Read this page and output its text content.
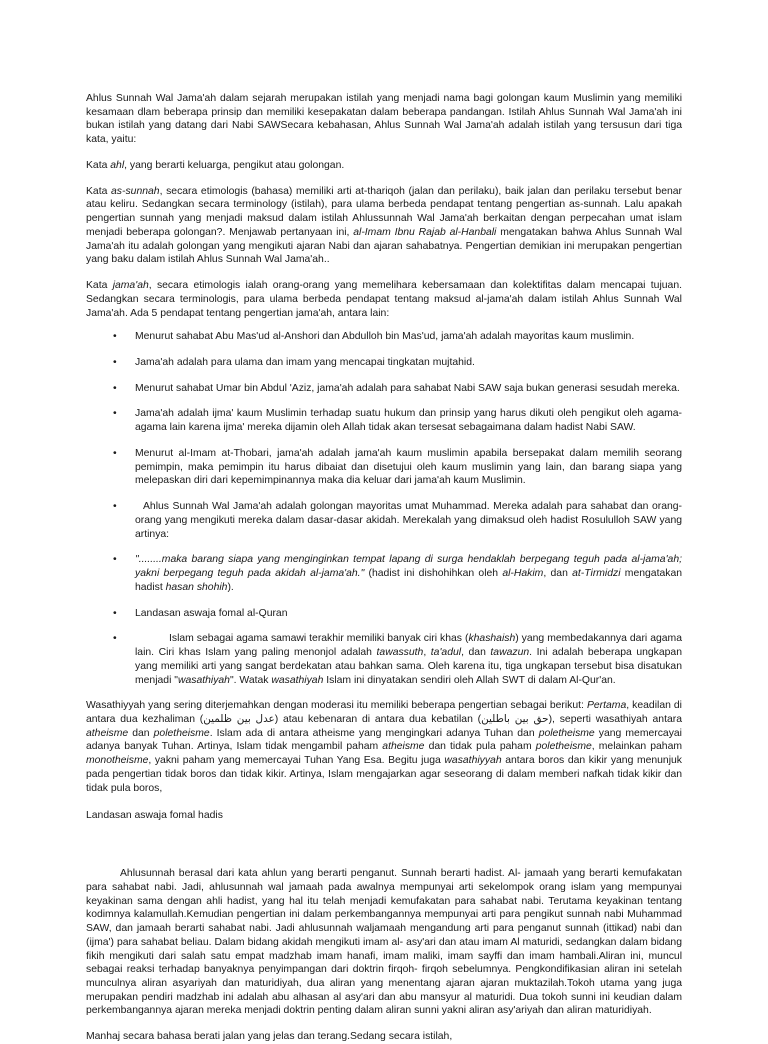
Ahlus Sunnah Wal Jama'ah dalam sejarah merupakan istilah yang menjadi nama bagi golongan kaum Muslimin yang memiliki kesamaan dlam beberapa prinsip dan memiliki kesepakatan dalam beberapa pandangan. Istilah Ahlus Sunnah Wal Jama'ah ini bukan istilah yang datang dari Nabi SAWSecara kebahasan, Ahlus Sunnah Wal Jama'ah adalah istilah yang tersusun dari tiga kata, yaitu:

Kata ahl, yang berarti keluarga, pengikut atau golongan.

Kata as-sunnah, secara etimologis (bahasa) memiliki arti at-thariqoh (jalan dan perilaku), baik jalan dan perilaku tersebut benar atau keliru. Sedangkan secara terminology (istilah), para ulama berbeda pendapat tentang pengertian as-sunnah. Lalu apakah pengertian sunnah yang menjadi maksud dalam istilah Ahlussunnah Wal Jama'ah berkaitan dengan perpecahan umat islam menjadi beberapa golongan?. Menjawab pertanyaan ini, al-Imam Ibnu Rajab al-Hanbali mengatakan bahwa Ahlus Sunnah Wal Jama'ah itu adalah golongan yang mengikuti ajaran Nabi dan ajaran sahabatnya. Pengertian demikian ini merupakan pengertian yang baku dalam istilah Ahlus Sunnah Wal Jama'ah..

Kata jama'ah, secara etimologis ialah orang-orang yang memelihara kebersamaan dan kolektifitas dalam mencapai tujuan. Sedangkan secara terminologis, para ulama berbeda pendapat tentang maksud al-jama'ah dalam istilah Ahlus Sunnah Wal Jama'ah. Ada 5 pendapat tentang pengertian jama'ah, antara lain:

• Menurut sahabat Abu Mas'ud al-Anshori dan Abdulloh bin Mas'ud, jama'ah adalah mayoritas kaum muslimin.
• Jama'ah adalah para ulama dan imam yang mencapai tingkatan mujtahid.
• Menurut sahabat Umar bin Abdul 'Aziz, jama'ah adalah para sahabat Nabi SAW saja bukan generasi sesudah mereka.
• Jama'ah adalah ijma' kaum Muslimin terhadap suatu hukum dan prinsip yang harus dikuti oleh pengikut oleh agama-agama lain karena ijma' mereka dijamin oleh Allah tidak akan tersesat sebagaimana dalam hadist Nabi SAW.
• Menurut al-Imam at-Thobari, jama'ah adalah jama'ah kaum muslimin apabila bersepakat dalam memilih seorang pemimpin, maka pemimpin itu harus dibaiat dan disetujui oleh kaum muslimin yang lain, dan barang siapa yang melepaskan diri dari kepemimpinannya maka dia keluar dari jama'ah kaum Muslimin.
•	Ahlus Sunnah Wal Jama'ah adalah golongan mayoritas umat Muhammad. Mereka adalah para sahabat dan orang-orang yang mengikuti mereka dalam dasar-dasar akidah. Merekalah yang dimaksud oleh hadist Rosululloh SAW yang artinya:
• "........maka barang siapa yang menginginkan tempat lapang di surga hendaklah berpegang teguh pada al-jama'ah; yakni berpegang teguh pada akidah al-jama'ah." (hadist ini dishohihkan oleh al-Hakim, dan at-Tirmidzi mengatakan hadist hasan shohih).
• Landasan aswaja fomal al-Quran
•	Islam sebagai agama samawi terakhir memiliki banyak ciri khas (khashaish) yang membedakannya dari agama lain. Ciri khas Islam yang paling menonjol adalah tawassuth, ta'adul, dan tawazun. Ini adalah beberapa ungkapan yang memiliki arti yang sangat berdekatan atau bahkan sama. Oleh karena itu, tiga ungkapan tersebut bisa disatukan menjadi "wasathiyah". Watak wasathiyah Islam ini dinyatakan sendiri oleh Allah SWT di dalam Al-Qur'an.

Wasathiyyah yang sering diterjemahkan dengan moderasi itu memiliki beberapa pengertian sebagai berikut: Pertama, keadilan di antara dua kezhaliman (عدل بين ظلمين) atau kebenaran di antara dua kebatilan (حق بين باطلين), seperti wasathiyah antara atheisme dan poletheisme. Islam ada di antara atheisme yang mengingkari adanya Tuhan dan poletheisme yang memercayai adanya banyak Tuhan. Artinya, Islam tidak mengambil paham atheisme dan tidak pula paham poletheisme, melainkan paham monotheisme, yakni paham yang memercayai Tuhan Yang Esa. Begitu juga wasathiyyah antara boros dan kikir yang menunjuk pada pengertian tidak boros dan tidak kikir. Artinya, Islam mengajarkan agar seseorang di dalam memberi nafkah tidak kikir dan tidak pula boros,

Landasan aswaja fomal hadis

Ahlusunnah berasal dari kata ahlun yang berarti penganut. Sunnah berarti hadist. Al- jamaah yang berarti kemufakatan para sahabat nabi. Jadi, ahlusunnah wal jamaah pada awalnya mempunyai arti sekelompok orang islam yang mempunyai keyakinan sama dengan ahli hadist, yang hal itu telah menjadi kemufakatan para sahabat nabi. Terutama keyakinan tentang kodimnya kalamullah.Kemudian pengertian ini dalam perkembangannya mempunyai arti para pengikut sunnah nabi Muhammad SAW, dan jamaah berarti sahabat nabi. Jadi ahlusunnah waljamaah mengandung arti para penganut sunnah (ittikad) nabi dan (ijma') para sahabat beliau. Dalam bidang akidah mengikuti imam al- asy'ari dan atau imam Al maturidi, sedangkan dalam bidang fikih mengikuti dari salah satu empat madzhab imam hanafi, imam maliki, imam sayffi dan imam hambali.Aliran ini, muncul sebagai reaksi terhadap banyaknya penyimpangan dari doktrin firqoh- firqoh sebelumnya. Pengkondifikasian aliran ini setelah munculnya aliran asyariyah dan maturidiyah, dua aliran yang menentang ajaran ajaran muktazilah.Tokoh utama yang juga merupakan pendiri madzhab ini adalah abu alhasan al asy'ari dan abu mansyur al maturidi. Dua tokoh sunni ini keudian dalam perkembangannya ajaran mereka menjadi doktrin penting dalam aliran sunni yakni aliran asy'ariyah dan aliran maturidiyah.

Manhaj secara bahasa berati jalan yang jelas dan terang.Sedang secara istilah,
